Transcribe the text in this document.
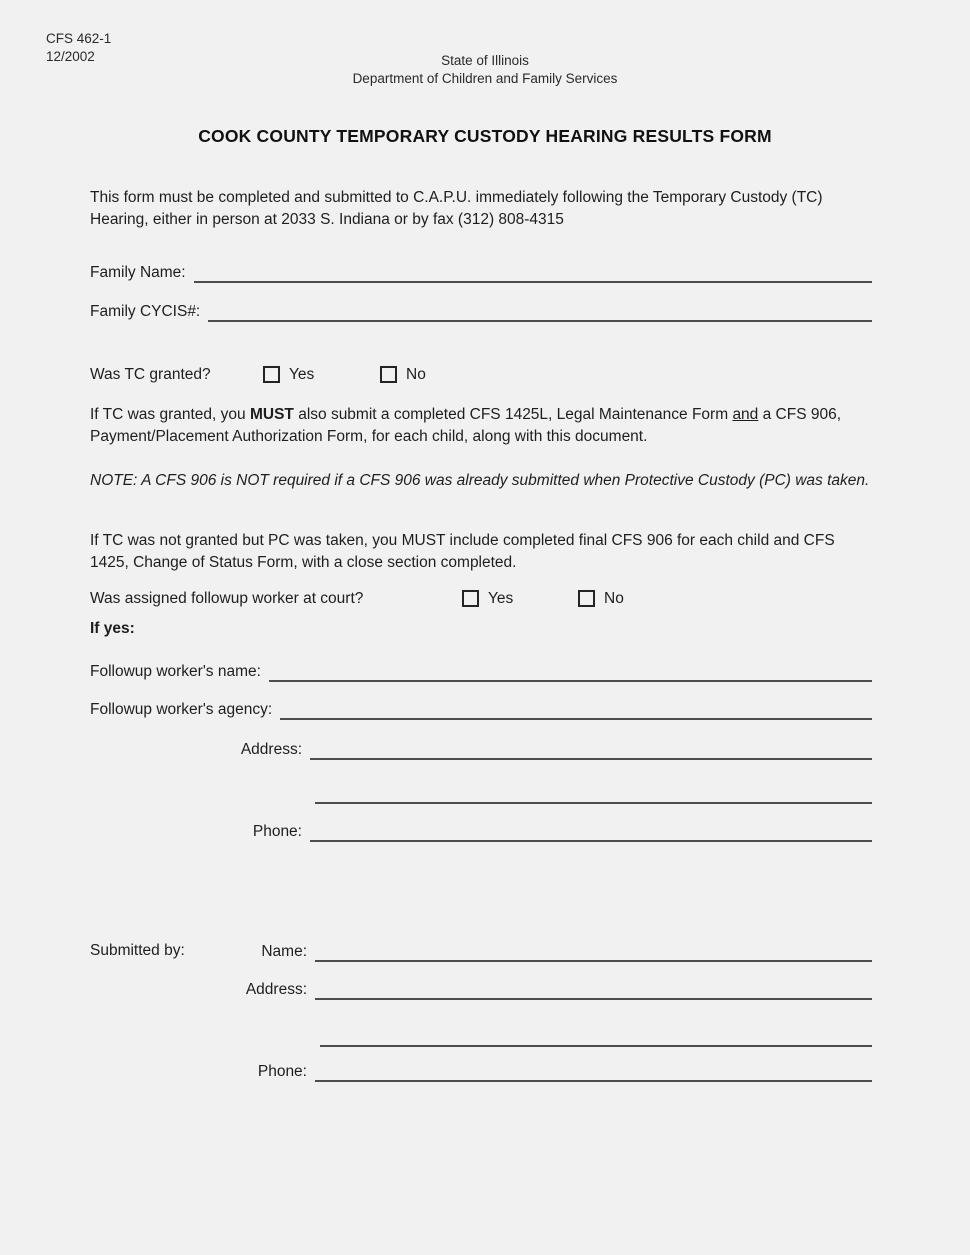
CFS 462-1
12/2002	State of Illinois
Department of Children and Family Services
COOK COUNTY TEMPORARY CUSTODY HEARING RESULTS FORM
This form must be completed and submitted to C.A.P.U. immediately following the Temporary Custody (TC) Hearing, either in person at 2033 S. Indiana or by fax (312) 808-4315
Family Name:
Family CYCIS#:
Was TC granted?	Yes	No
If TC was granted, you MUST also submit a completed CFS 1425L, Legal Maintenance Form and a CFS 906, Payment/Placement Authorization Form, for each child, along with this document.
NOTE: A CFS 906 is NOT required if a CFS 906 was already submitted when Protective Custody (PC) was taken.
If TC was not granted but PC was taken, you MUST include completed final CFS 906 for each child and CFS 1425, Change of Status Form, with a close section completed.
Was assigned followup worker at court?	Yes	No
If yes:
Followup worker's name:
Followup worker's agency:
Address:
Phone:
Submitted by:	Name:
Address:
Phone:
